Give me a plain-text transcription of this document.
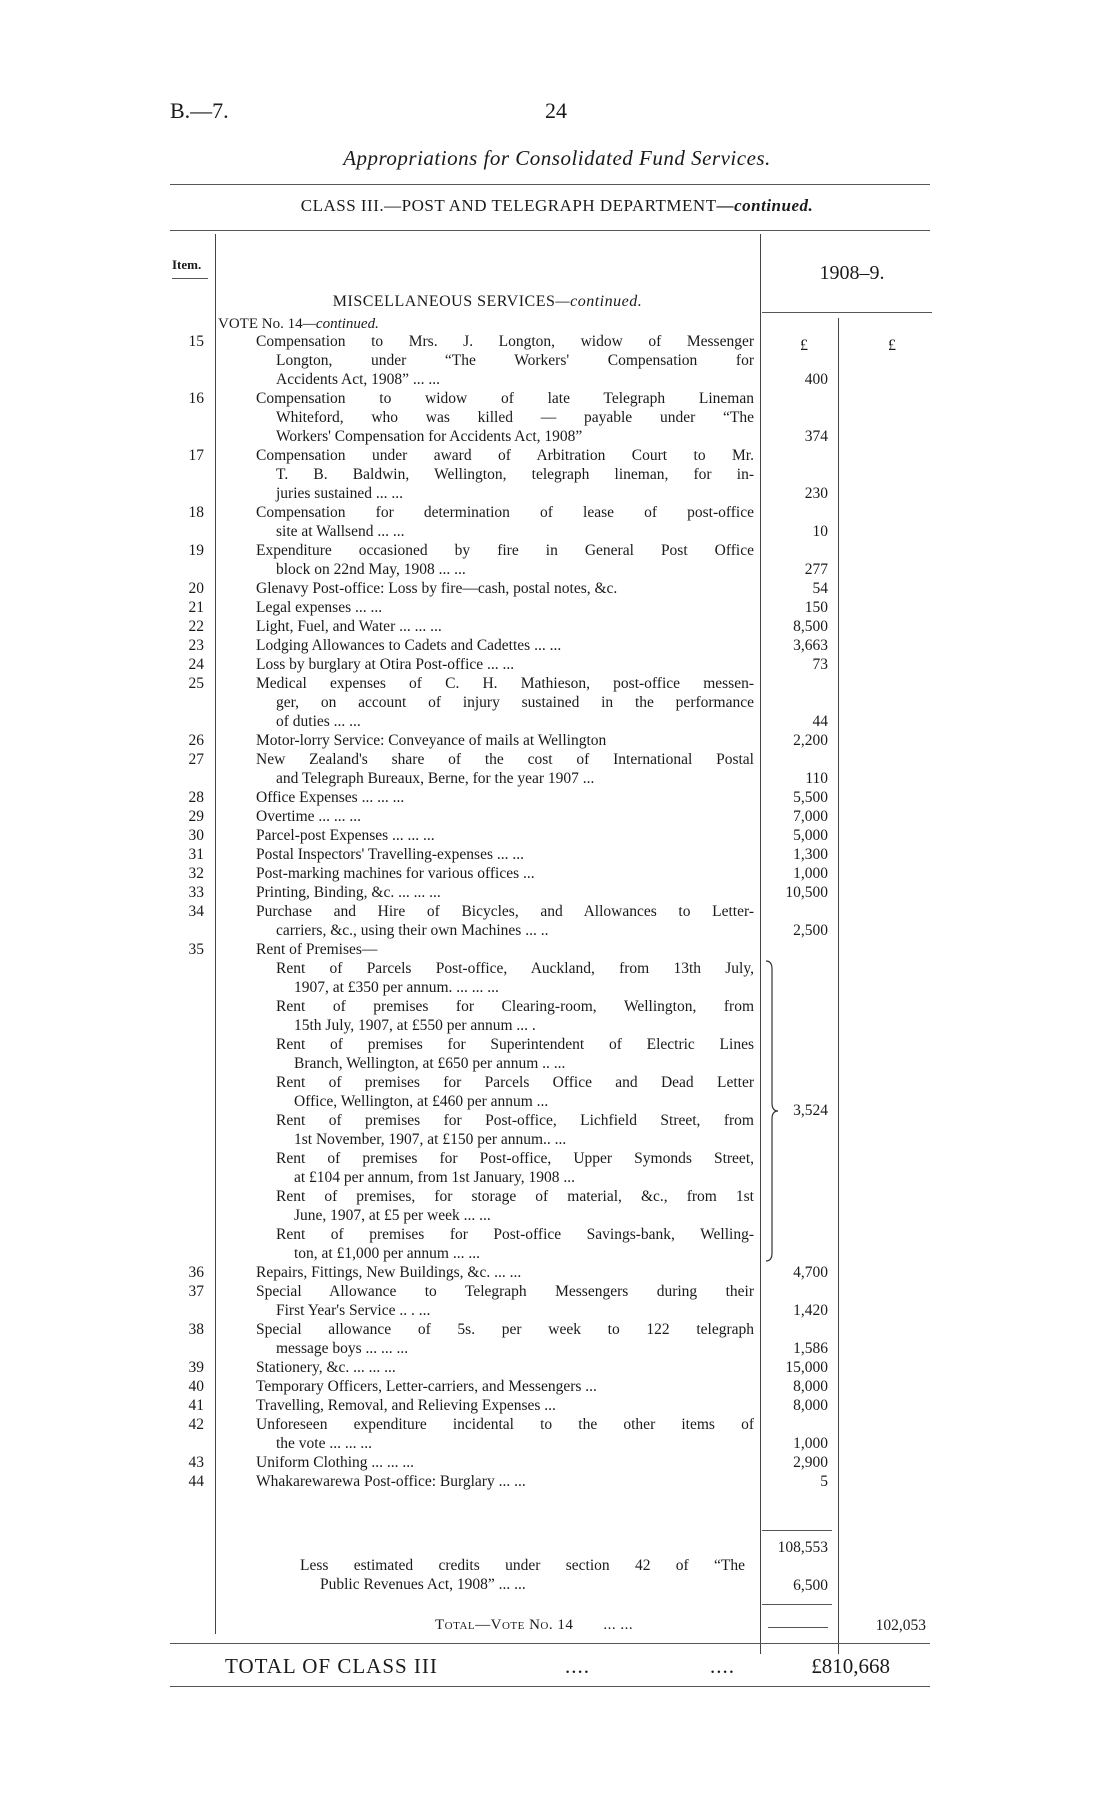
B.—7.	24
Appropriations for Consolidated Fund Services.
CLASS III.—POST AND TELEGRAPH DEPARTMENT—continued.
Item.	1908–9.
MISCELLANEOUS SERVICES—continued.
VOTE No. 14—continued.
£	£
15	Compensation to Mrs. J. Longton, widow of Messenger
Longton, under “The Workers' Compensation for
Accidents Act, 1908” ... ...	400
16	Compensation to widow of late Telegraph Lineman
Whiteford, who was killed — payable under “The
Workers' Compensation for Accidents Act, 1908”	374
17	Compensation under award of Arbitration Court to Mr.
T. B. Baldwin, Wellington, telegraph lineman, for in-
juries sustained ... ...	230
18	Compensation for determination of lease of post-office
site at Wallsend ... ...	10
19	Expenditure occasioned by fire in General Post Office
block on 22nd May, 1908 ... ...	277
20	Glenavy Post-office: Loss by fire—cash, postal notes, &c.	54
21	Legal expenses ... ...	150
22	Light, Fuel, and Water ... ... ...	8,500
23	Lodging Allowances to Cadets and Cadettes ... ...	3,663
24	Loss by burglary at Otira Post-office ... ...	73
25	Medical expenses of C. H. Mathieson, post-office messen-
ger, on account of injury sustained in the performance
of duties ... ...	44
26	Motor-lorry Service: Conveyance of mails at Wellington	2,200
27	New Zealand's share of the cost of International Postal
and Telegraph Bureaux, Berne, for the year 1907 ...	110
28	Office Expenses ... ... ...	5,500
29	Overtime ... ... ...	7,000
30	Parcel-post Expenses ... ... ...	5,000
31	Postal Inspectors' Travelling-expenses ... ...	1,300
32	Post-marking machines for various offices ...	1,000
33	Printing, Binding, &c. ... ... ...	10,500
34	Purchase and Hire of Bicycles, and Allowances to Letter-
carriers, &c., using their own Machines ... ..	2,500
35	Rent of Premises—
Rent of Parcels Post-office, Auckland, from 13th July,
1907, at £350 per annum. ... ... ...
Rent of premises for Clearing-room, Wellington, from
15th July, 1907, at £550 per annum ... .
Rent of premises for Superintendent of Electric Lines
Branch, Wellington, at £650 per annum .. ...
Rent of premises for Parcels Office and Dead Letter
Office, Wellington, at £460 per annum ...
Rent of premises for Post-office, Lichfield Street, from
1st November, 1907, at £150 per annum.. ...
Rent of premises for Post-office, Upper Symonds Street,
at £104 per annum, from 1st January, 1908 ...
Rent of premises, for storage of material, &c., from 1st
June, 1907, at £5 per week ... ...
Rent of premises for Post-office Savings-bank, Welling-
ton, at £1,000 per annum ... ...
3,524
36	Repairs, Fittings, New Buildings, &c. ... ...	4,700
37	Special Allowance to Telegraph Messengers during their
First Year's Service .. . ...	1,420
38	Special allowance of 5s. per week to 122 telegraph
message boys ... ... ...	1,586
39	Stationery, &c. ... ... ...	15,000
40	Temporary Officers, Letter-carriers, and Messengers ...	8,000
41	Travelling, Removal, and Relieving Expenses ...	8,000
42	Unforeseen expenditure incidental to the other items of
the vote ... ... ...	1,000
43	Uniform Clothing ... ... ...	2,900
44	Whakarewarewa Post-office: Burglary ... ...	5
108,553
Less estimated credits under section 42 of “The
Public Revenues Act, 1908” ... ...	6,500
Total—Vote No. 14 ... ...	102,053
TOTAL OF CLASS III	....	....	£810,668
